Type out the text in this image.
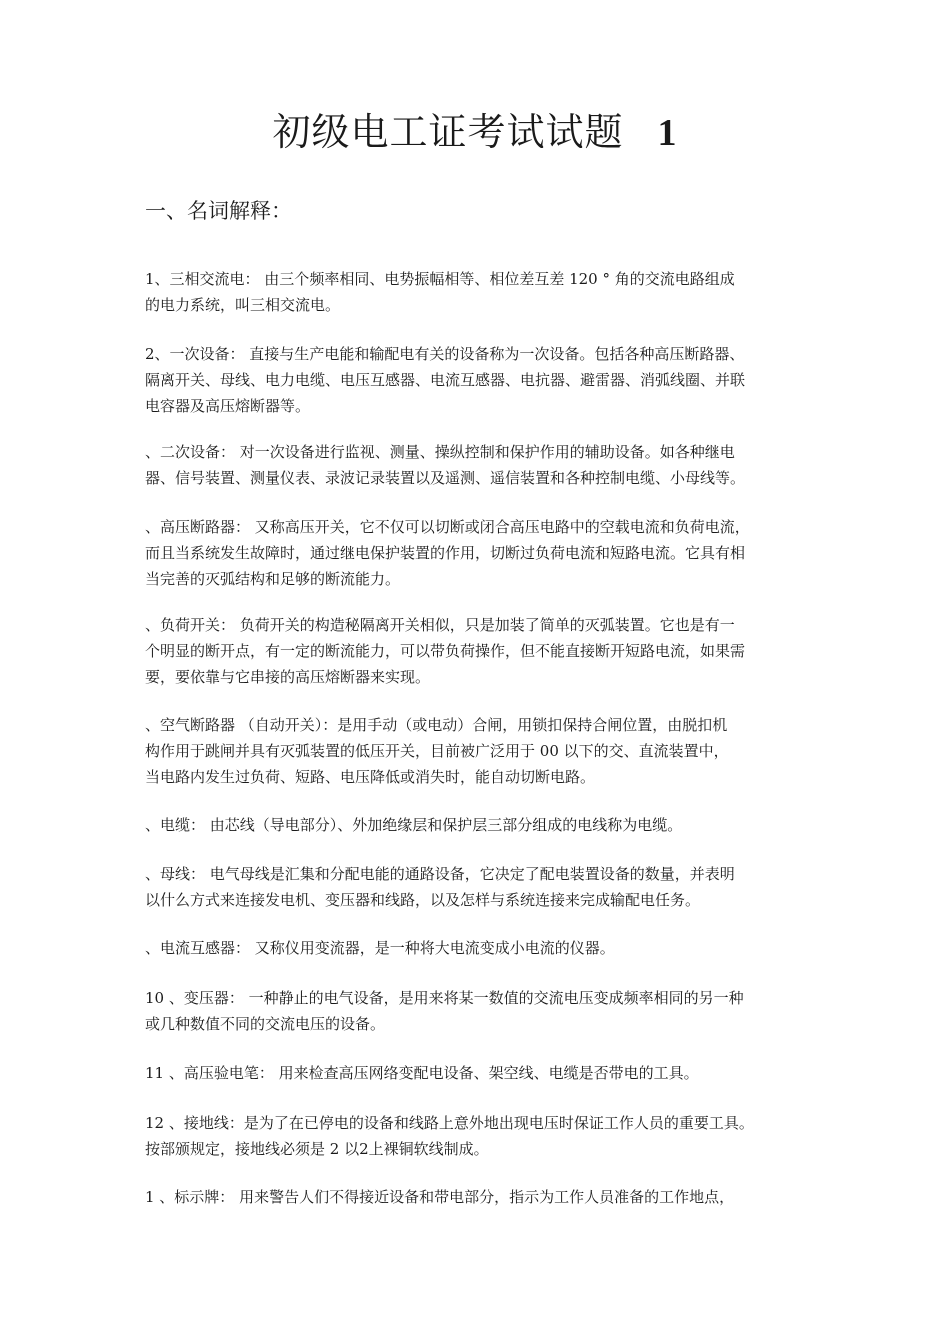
初级电工证考试试题 1
一、名词解释：
1、三相交流电： 由三个频率相同、电势振幅相等、相位差互差 120 ° 角的交流电路组成
的电力系统，叫三相交流电。
2、一次设备： 直接与生产电能和输配电有关的设备称为一次设备。包括各种高压断路器、
隔离开关、母线、电力电缆、电压互感器、电流互感器、电抗器、避雷器、消弧线圈、并联
电容器及高压熔断器等。
、二次设备： 对一次设备进行监视、测量、操纵控制和保护作用的辅助设备。如各种继电
器、信号装置、测量仪表、录波记录装置以及遥测、遥信装置和各种控制电缆、小母线等。
、高压断路器： 又称高压开关，它不仅可以切断或闭合高压电路中的空载电流和负荷电流，
而且当系统发生故障时，通过继电保护装置的作用，切断过负荷电流和短路电流。它具有相
当完善的灭弧结构和足够的断流能力。
、负荷开关： 负荷开关的构造秘隔离开关相似，只是加装了简单的灭弧装置。它也是有一
个明显的断开点，有一定的断流能力，可以带负荷操作，但不能直接断开短路电流，如果需
要，要依靠与它串接的高压熔断器来实现。
、空气断路器 （自动开关）：是用手动（或电动）合闸，用锁扣保持合闸位置，由脱扣机
构作用于跳闸并具有灭弧装置的低压开关，目前被广泛用于 00 以下的交、直流装置中，
当电路内发生过负荷、短路、电压降低或消失时，能自动切断电路。
、电缆： 由芯线（导电部分）、外加绝缘层和保护层三部分组成的电线称为电缆。
、母线： 电气母线是汇集和分配电能的通路设备，它决定了配电装置设备的数量，并表明
以什么方式来连接发电机、变压器和线路，以及怎样与系统连接来完成输配电任务。
、电流互感器： 又称仪用变流器，是一种将大电流变成小电流的仪器。
10 、变压器： 一种静止的电气设备，是用来将某一数值的交流电压变成频率相同的另一种
或几种数值不同的交流电压的设备。
11 、高压验电笔： 用来检查高压网络变配电设备、架空线、电缆是否带电的工具。
12 、接地线：是为了在已停电的设备和线路上意外地出现电压时保证工作人员的重要工具。
按部颁规定，接地线必须是 2 以2上裸铜软线制成。
1 、标示牌： 用来警告人们不得接近设备和带电部分，指示为工作人员准备的工作地点，
